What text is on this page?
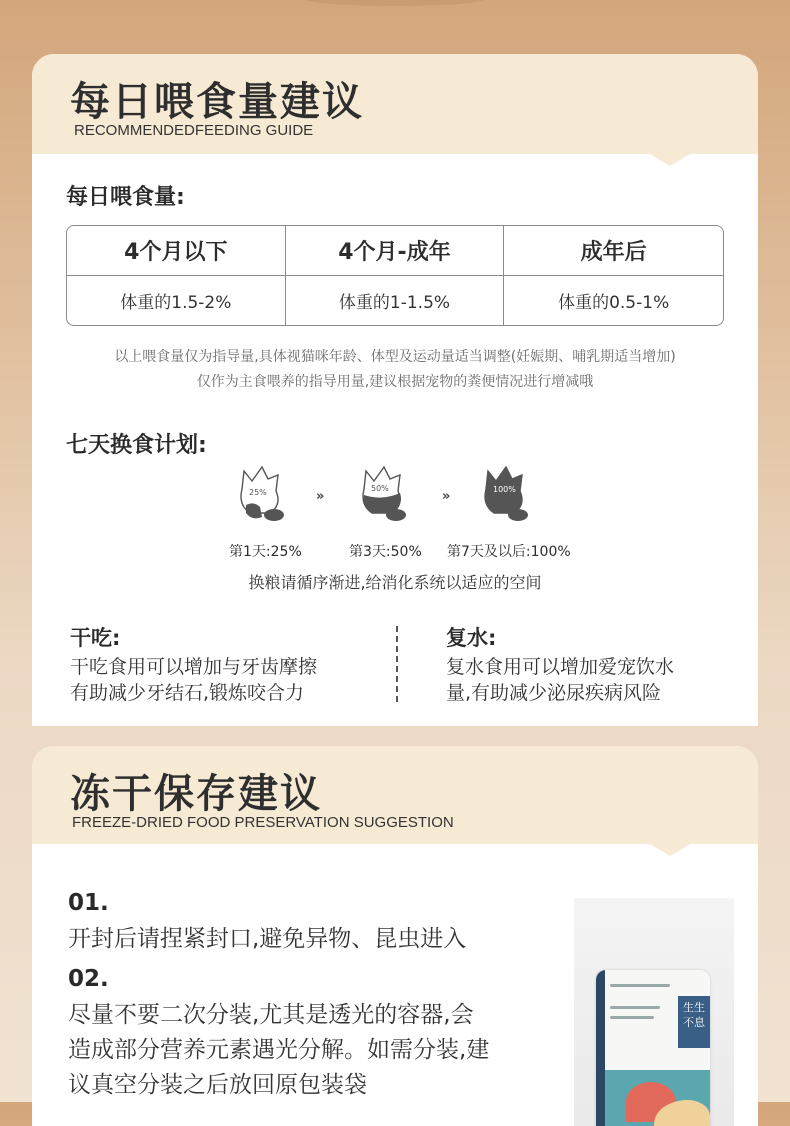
每日喂食量建议
RECOMMENDEDFEEDING GUIDE
每日喂食量:
4个月以下	4个月-成年	成年后
体重的1.5-2%	体重的1-1.5%	体重的0.5-1%
以上喂食量仅为指导量,具体视猫咪年龄、体型及运动量适当调整(妊娠期、哺乳期适当增加)
仅作为主食喂养的指导用量,建议根据宠物的粪便情况进行增减哦
七天换食计划:
25%	»
50%
»	100%
第1天:25%	第3天:50% 第7天及以后:100%
换粮请循序渐进,给消化系统以适应的空间
干吃:
干吃食用可以增加与牙齿摩擦
有助减少牙结石,锻炼咬合力
复水:
复水食用可以增加爱宠饮水
量,有助减少泌尿疾病风险
冻干保存建议
FREEZE-DRIED FOOD PRESERVATION SUGGESTION
01.
开封后请捏紧封口,避免异物、昆虫进入
02.
尽量不要二次分装,尤其是透光的容器,会
造成部分营养元素遇光分解。如需分装,建
议真空分装之后放回原包装袋
生生
不息
